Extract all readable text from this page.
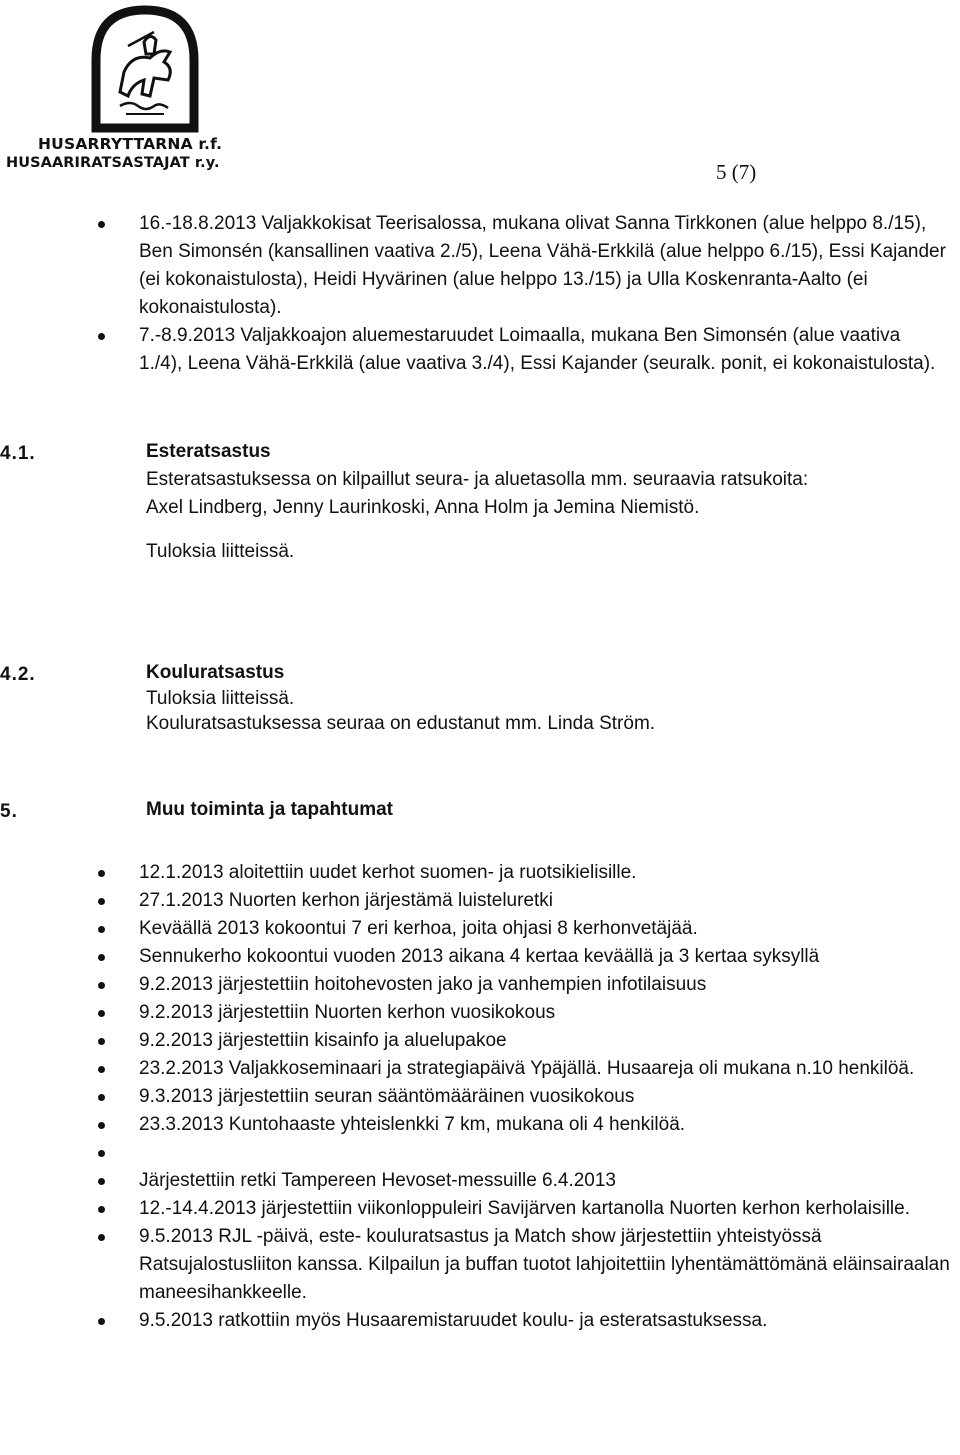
HUSARRYTTARNA r.f.
HUSAARIRATSASTAJAT r.y.	5 (7)
16.-18.8.2013 Valjakkokisat Teerisalossa, mukana olivat Sanna Tirkkonen (alue helppo 8./15), Ben Simonsén (kansallinen vaativa 2./5), Leena Vähä-Erkkilä (alue helppo 6./15), Essi Kajander (ei kokonaistulosta), Heidi Hyvärinen (alue helppo 13./15) ja Ulla Koskenranta-Aalto (ei kokonaistulosta).
7.-8.9.2013 Valjakkoajon aluemestaruudet Loimaalla, mukana Ben Simonsén (alue vaativa 1./4), Leena Vähä-Erkkilä (alue vaativa 3./4), Essi Kajander (seuralk. ponit, ei kokonaistulosta).
4.1.	Esteratsastus
Esteratsastuksessa on kilpaillut seura- ja aluetasolla mm. seuraavia ratsukoita:
Axel Lindberg, Jenny Laurinkoski, Anna Holm ja Jemina Niemistö.
Tuloksia liitteissä.
4.2.	Kouluratsastus
Tuloksia liitteissä.
Kouluratsastuksessa seuraa on edustanut mm. Linda Ström.
5.	Muu toiminta ja tapahtumat
12.1.2013 aloitettiin uudet kerhot suomen- ja ruotsikielisille.
27.1.2013 Nuorten kerhon järjestämä luisteluretki
Keväällä 2013 kokoontui 7 eri kerhoa, joita ohjasi 8 kerhonvetäjää.
Sennukerho kokoontui vuoden 2013 aikana 4 kertaa keväällä ja 3 kertaa syksyllä
9.2.2013 järjestettiin hoitohevosten jako ja vanhempien infotilaisuus
9.2.2013 järjestettiin Nuorten kerhon vuosikokous
9.2.2013 järjestettiin kisainfo ja aluelupakoe
23.2.2013 Valjakkoseminaari ja strategiapäivä Ypäjällä. Husaareja oli mukana n.10 henkilöä.
9.3.2013 järjestettiin seuran sääntömääräinen vuosikokous
23.3.2013 Kuntohaaste yhteislenkki 7 km, mukana oli 4 henkilöä.
Järjestettiin retki Tampereen Hevoset-messuille 6.4.2013
12.-14.4.2013 järjestettiin viikonloppuleiri Savijärven kartanolla Nuorten kerhon kerholaisille.
9.5.2013 RJL -päivä, este- kouluratsastus ja Match show järjestettiin yhteistyössä Ratsujalostusliiton kanssa. Kilpailun ja buffan tuotot lahjoitettiin lyhentämättömänä eläinsairaalan maneesihankkeelle.
9.5.2013 ratkottiin myös Husaaremistaruudet koulu- ja esteratsastuksessa.
